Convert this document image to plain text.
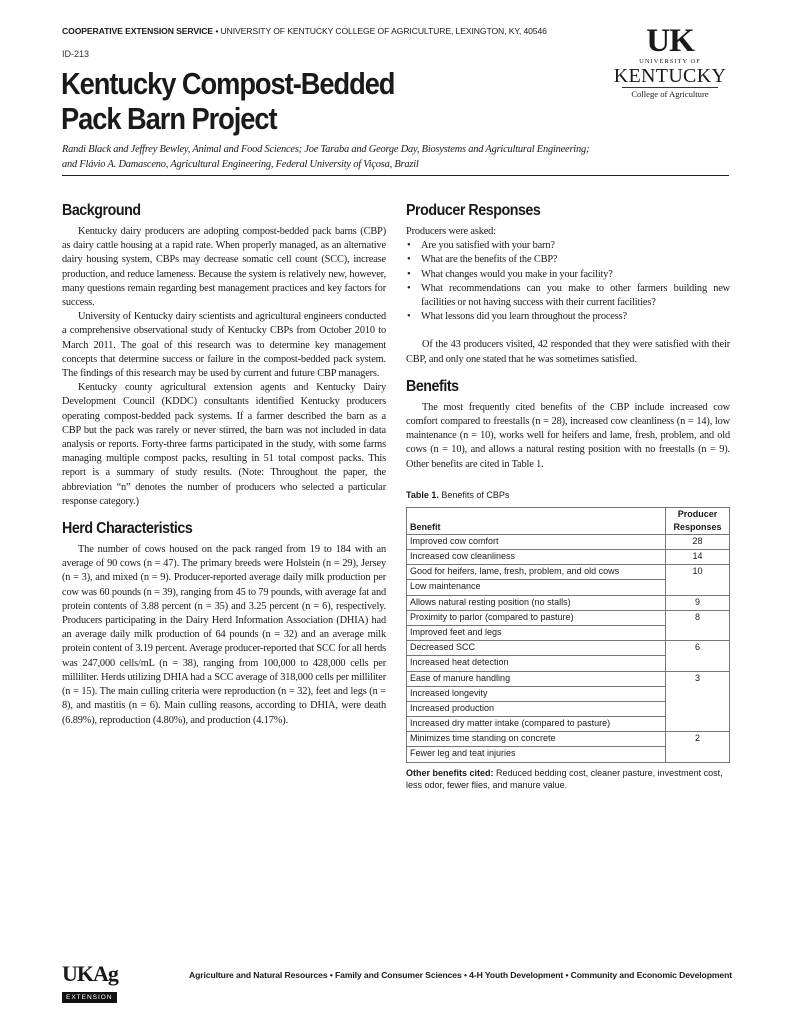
COOPERATIVE EXTENSION SERVICE • UNIVERSITY OF KENTUCKY COLLEGE OF AGRICULTURE, LEXINGTON, KY, 40546
ID-213
Kentucky Compost-Bedded
Pack Barn Project
Randi Black and Jeffrey Bewley, Animal and Food Sciences; Joe Taraba and George Day, Biosystems and Agricultural Engineering;
and Flávio A. Damasceno, Agricultural Engineering, Federal University of Viçosa, Brazil
UK
UNIVERSITY OF
KENTUCKY
College of Agriculture
Background

Kentucky dairy producers are adopting compost-bedded pack barns (CBP) as dairy cattle housing at a rapid rate. When properly managed, as an alternative dairy housing system, CBPs may decrease somatic cell count (SCC), increase production, and reduce lameness. Because the system is relatively new, however, many questions remain regarding best management practices and key factors for success.

University of Kentucky dairy scientists and agricultural engineers conducted a comprehensive observational study of Kentucky CBPs from October 2010 to March 2011. The goal of this research was to determine key management concepts that determine success or failure in the compost-bedded pack system. The findings of this research may be used by current and future CBP managers.

Kentucky county agricultural extension agents and Kentucky Dairy Development Council (KDDC) consultants identified Kentucky producers operating compost-bedded pack systems. If a farmer described the barn as a CBP but the pack was rarely or never stirred, the barn was not included in data analysis or reports. Forty-three farms participated in the study, with some farms managing multiple compost packs, resulting in 51 total compost packs. This report is a summary of study results. (Note: Throughout the paper, the abbreviation “n” denotes the number of producers who selected a particular response category.)

Herd Characteristics

The number of cows housed on the pack ranged from 19 to 184 with an average of 90 cows (n = 47). The primary breeds were Holstein (n = 29), Jersey (n = 3), and mixed (n = 9). Producer-reported average daily milk production per cow was 60 pounds (n = 39), ranging from 45 to 79 pounds, with average fat and protein contents of 3.88 percent (n = 35) and 3.25 percent (n = 6), respectively. Producers participating in the Dairy Herd Information Association (DHIA) had an average daily milk production of 64 pounds (n = 32) and an average milk protein content of 3.19 percent. Average producer-reported that SCC for all herds was 247,000 cells/mL (n = 38), ranging from 100,000 to 428,000 cells per milliliter. Herds utilizing DHIA had a SCC average of 318,000 cells per milliliter (n = 15). The main culling criteria were reproduction (n = 32), feet and legs (n = 8), and mastitis (n = 6). Main culling reasons, according to DHIA, were death (6.89%), reproduction (4.80%), and production (4.17%).

Producer Responses

Producers were asked:

• Are you satisfied with your barn?
• What are the benefits of the CBP?
• What changes would you make in your facility?
• What recommendations can you make to other farmers building new facilities or not having success with their current facilities?
• What lessons did you learn throughout the process?

Of the 43 producers visited, 42 responded that they were satisfied with their CBP, and only one stated that he was sometimes satisfied.

Benefits

The most frequently cited benefits of the CBP include increased cow comfort compared to freestalls (n = 28), increased cow cleanliness (n = 14), low maintenance (n = 10), works well for heifers and lame, fresh, problem, and old cows (n = 10), and allows a natural resting position with no freestalls (n = 9). Other benefits are cited in Table 1.

Table 1. Benefits of CBPs
Benefit	Producer
Responses

Improved cow comfort	28
Increased cow cleanliness	14
Good for heifers, lame, fresh, problem, and old cows	10
Low maintenance	
Allows natural resting position (no stalls)	9
Proximity to parlor (compared to pasture)	8
Improved feet and legs	
Decreased SCC	6
Increased heat detection	
Ease of manure handling	3
Increased longevity	
Increased production	
Increased dry matter intake (compared to pasture)	
Minimizes time standing on concrete	2
Fewer leg and teat injuries	
Other benefits cited: Reduced bedding cost, cleaner pasture, investment cost, less odor, fewer flies, and manure value.
UKAg
EXTENSION
Agriculture and Natural Resources • Family and Consumer Sciences • 4-H Youth Development • Community and Economic Development
